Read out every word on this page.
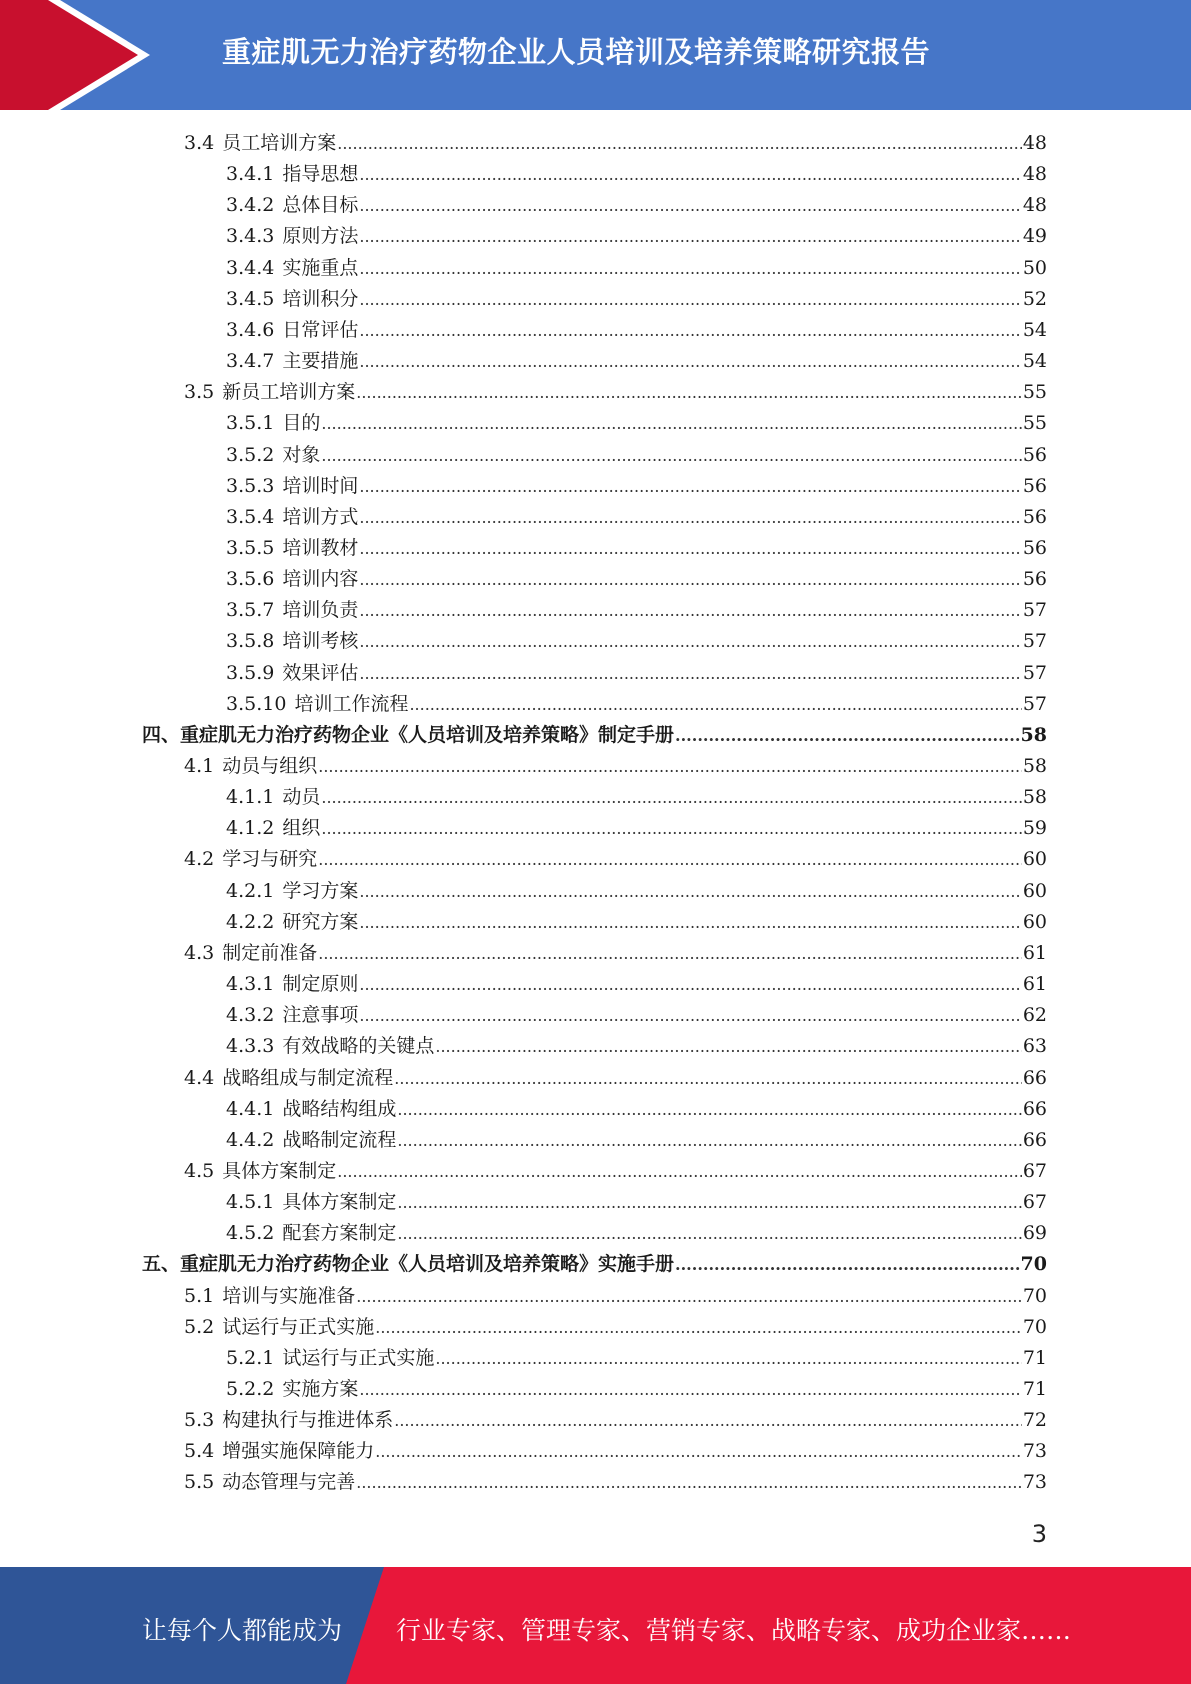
重症肌无力治疗药物企业人员培训及培养策略研究报告
3.4 员工培训方案 .....	48
3.4.1 指导思想 .....	48
3.4.2 总体目标 .....	48
3.4.3 原则方法 .....	49
3.4.4 实施重点 .....	50
3.4.5 培训积分 .....	52
3.4.6 日常评估 .....	54
3.4.7 主要措施 .....	54
3.5 新员工培训方案 .....	55
3.5.1 目的 .....	55
3.5.2 对象 .....	56
3.5.3 培训时间 .....	56
3.5.4 培训方式 .....	56
3.5.5 培训教材 .....	56
3.5.6 培训内容 .....	56
3.5.7 培训负责 .....	57
3.5.8 培训考核 .....	57
3.5.9 效果评估 .....	57
3.5.10 培训工作流程 .....	57
四、 重症肌无力治疗药物企业《人员培训及培养策略》制定手册 .....	58
4.1 动员与组织 .....	58
4.1.1 动员 .....	58
4.1.2 组织 .....	59
4.2 学习与研究 .....	60
4.2.1 学习方案 .....	60
4.2.2 研究方案 .....	60
4.3 制定前准备 .....	61
4.3.1 制定原则 .....	61
4.3.2 注意事项 .....	62
4.3.3 有效战略的关键点 .....	63
4.4 战略组成与制定流程 .....	66
4.4.1 战略结构组成 .....	66
4.4.2 战略制定流程 .....	66
4.5 具体方案制定 .....	67
4.5.1 具体方案制定 .....	67
4.5.2 配套方案制定 .....	69
五、 重症肌无力治疗药物企业《人员培训及培养策略》实施手册 .....	70
5.1 培训与实施准备 .....	70
5.2 试运行与正式实施 .....	70
5.2.1 试运行与正式实施 .....	71
5.2.2 实施方案 .....	71
5.3 构建执行与推进体系 .....	72
5.4 增强实施保障能力 .....	73
5.5 动态管理与完善 .....	73
3
让每个人都能成为 行业专家、管理专家、营销专家、战略专家、成功企业家……
